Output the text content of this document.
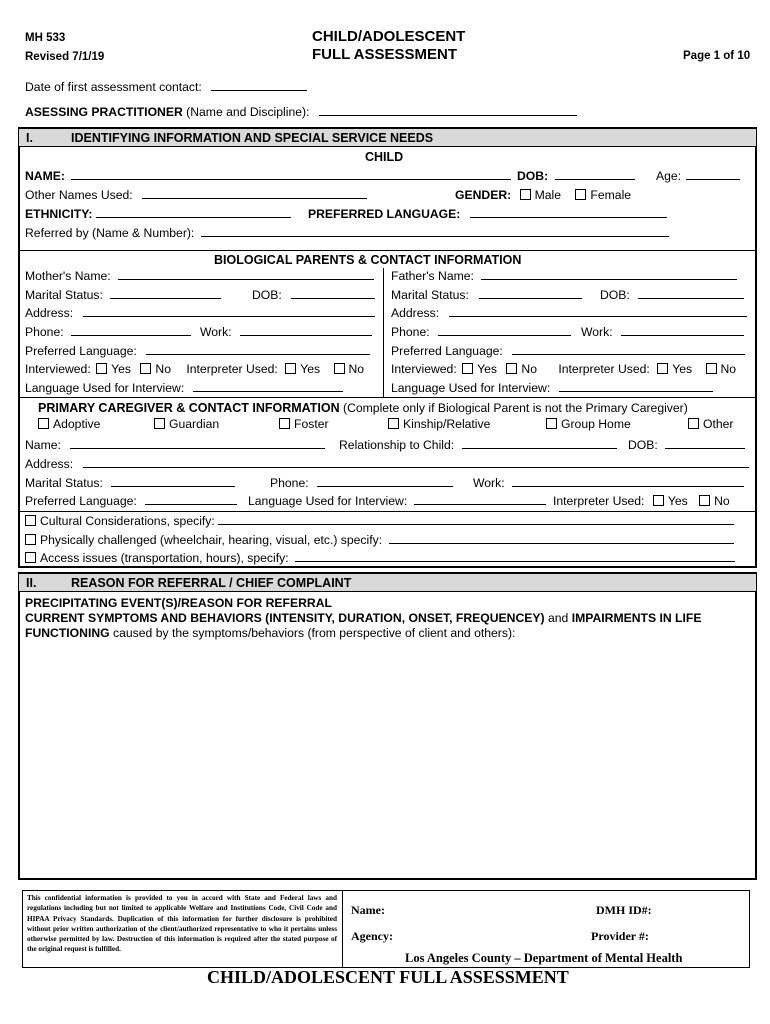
MH 533
Revised 7/1/19
CHILD/ADOLESCENT
FULL ASSESSMENT	Page 1 of 10
Date of first assessment contact:
ASESSING PRACTITIONER (Name and Discipline):
I.	IDENTIFYING INFORMATION AND SPECIAL SERVICE NEEDS
CHILD
NAME:	DOB:	Age:
Other Names Used:	GENDER: Male Female
ETHNICITY:	PREFERRED LANGUAGE:
Referred by (Name & Number):
BIOLOGICAL PARENTS & CONTACT INFORMATION
Mother's Name:
Marital Status:	DOB:
Address:
Phone:	Work:
Preferred Language:
Interviewed: Yes No Interpreter Used: Yes No
Language Used for Interview:
Father's Name:
Marital Status:	DOB:
Address:
Phone:	Work:
Preferred Language:
Interviewed: Yes No Interpreter Used: Yes No
Language Used for Interview:
PRIMARY CAREGIVER & CONTACT INFORMATION (Complete only if Biological Parent is not the Primary Caregiver)
Adoptive	Guardian	Foster	Kinship/Relative	Group Home	Other
Name:	Relationship to Child:	DOB:
Address:
Marital Status:	Phone:	Work:
Preferred Language:	Language Used for Interview:	Interpreter Used: Yes No
Cultural Considerations, specify:
Physically challenged (wheelchair, hearing, visual, etc.) specify:
Access issues (transportation, hours), specify:
II.	REASON FOR REFERRAL / CHIEF COMPLAINT
PRECIPITATING EVENT(S)/REASON FOR REFERRAL
CURRENT SYMPTOMS AND BEHAVIORS (INTENSITY, DURATION, ONSET, FREQUENCEY) and IMPAIRMENTS IN LIFE
FUNCTIONING caused by the symptoms/behaviors (from perspective of client and others):
This confidential information is provided to you in accord with State and Federal laws and regulations including but not limited to applicable Welfare and Institutions Code, Civil Code and HIPAA Privacy Standards. Duplication of this information for further disclosure is prohibited without prior written authorization of the client/authorized representative to who it pertains unless otherwise permitted by law. Destruction of this information is required after the stated purpose of the original request is fulfilled.
Name:	DMH ID#:
Agency:	Provider #:
Los Angeles County – Department of Mental Health
CHILD/ADOLESCENT FULL ASSESSMENT
